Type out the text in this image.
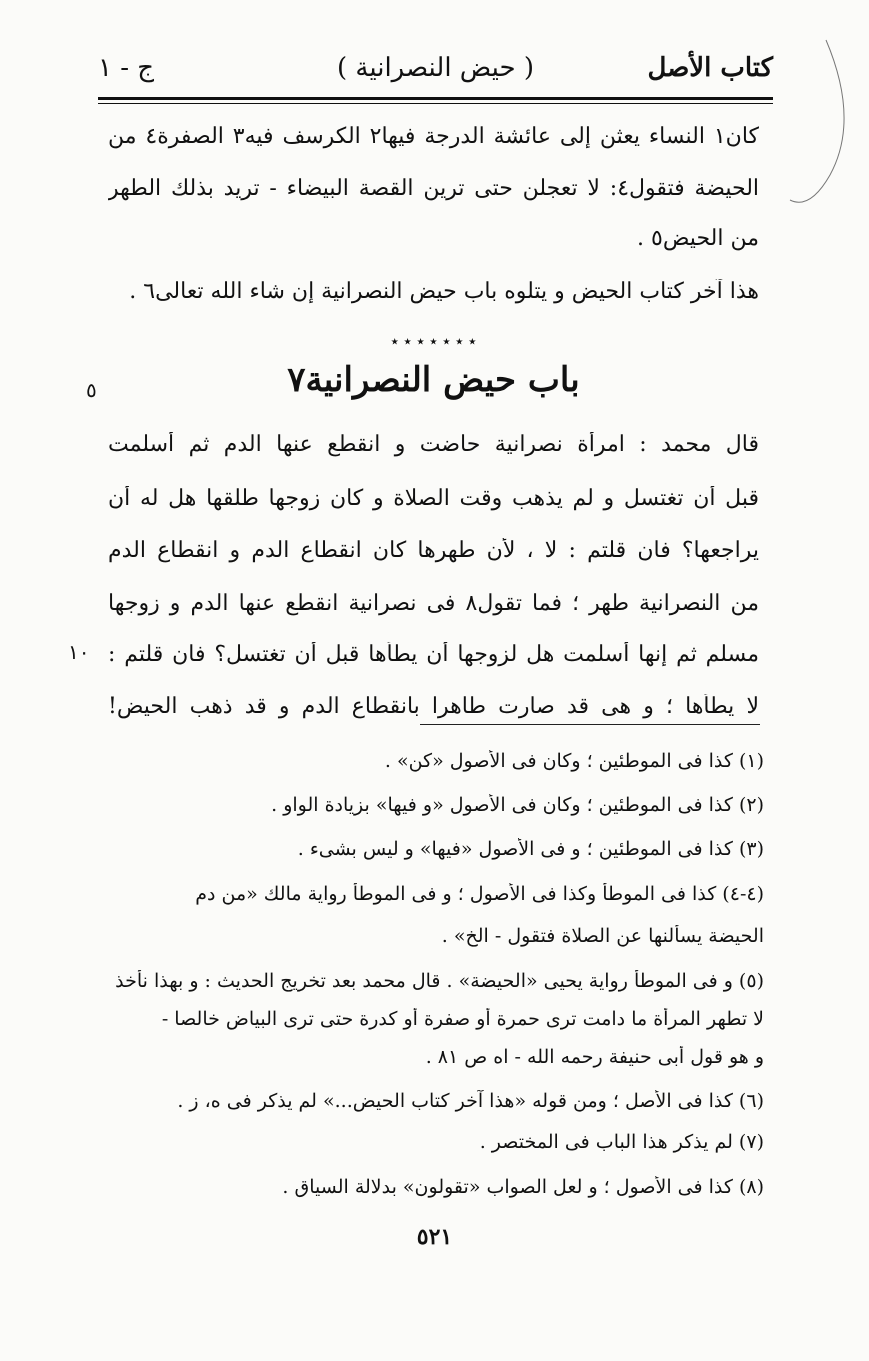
كتاب الأصل
( حيض النصرانية )
ج - ١
كان١ النساء يعثن إلى عائشة الدرجة فيها٢ الكرسف فيه٣ الصفرة٤ من
الحيضة فتقول٤: لا تعجلن حتى ترين القصة البيضاء - تريد بذلك الطهر
من الحيض٥ .
هذا آخر كتاب الحيض و يتلوه باب حيض النصرانية إن شاء الله تعالى٦ .
٭ ٭ ٭ ٭ ٭ ٭ ٭
باب حيض النصرانية٧
٥
قال محمد : امرأة نصرانية حاضت و انقطع عنها الدم ثم أسلمت
قبل أن تغتسل و لم يذهب وقت الصلاة و كان زوجها طلقها هل له أن
يراجعها؟ فان قلتم : لا ، لأن طهرها كان انقطاع الدم و انقطاع الدم
من النصرانية طهر ؛ فما تقول٨ فى نصرانية انقطع عنها الدم و زوجها
مسلم ثم إنها أسلمت هل لزوجها أن يطأها قبل أن تغتسل؟ فان قلتم :
لا يطأها ؛ و هى قد صارت طاهرا بانقطاع الدم و قد ذهب الحيض!
١٠
(١) كذا فى الموطئين ؛ وكان فى الأصول «كن» .
(٢) كذا فى الموطئين ؛ وكان فى الأصول «و فيها» بزيادة الواو .
(٣) كذا فى الموطئين ؛ و فى الأصول «فيها» و ليس بشىء .
(٤-٤) كذا فى الموطأ وكذا فى الأصول ؛ و فى الموطأ رواية مالك «من دم
الحيضة يسألنها عن الصلاة فتقول - الخ» .
(٥) و فى الموطأ رواية يحيى «الحيضة» . قال محمد بعد تخريج الحديث : و بهذا نأخذ
لا تطهر المرأة ما دامت ترى حمرة أو صفرة أو كدرة حتى ترى البياض خالصا -
و هو قول أبى حنيفة رحمه الله - اه ص ٨١ .
(٦) كذا فى الأصل ؛ ومن قوله «هذا آخر كتاب الحيض...» لم يذكر فى ه، ز .
(٧) لم يذكر هذا الباب فى المختصر .
(٨) كذا فى الأصول ؛ و لعل الصواب «تقولون» بدلالة السياق .
٥٢١
